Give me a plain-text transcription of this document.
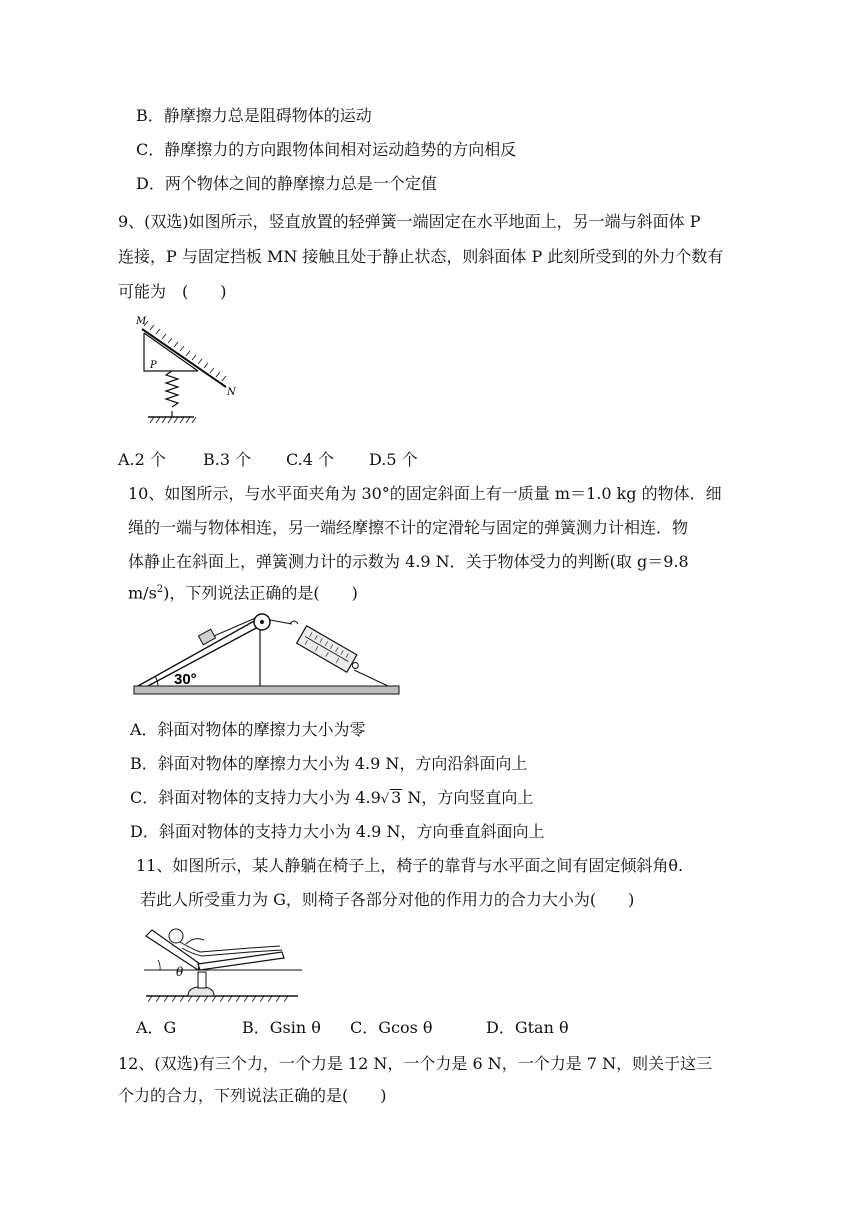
B．静摩擦力总是阻碍物体的运动
C．静摩擦力的方向跟物体间相对运动趋势的方向相反
D．两个物体之间的静摩擦力总是一个定值
9、(双选)如图所示，竖直放置的轻弹簧一端固定在水平地面上，另一端与斜面体 P
连接，P 与固定挡板 MN 接触且处于静止状态，则斜面体 P 此刻所受到的外力个数有
可能为　(　　)
M
P
N
A.2 个 B.3 个 C.4 个 D.5 个
10、如图所示，与水平面夹角为 30°的固定斜面上有一质量 m＝1.0 kg 的物体．细
绳的一端与物体相连，另一端经摩擦不计的定滑轮与固定的弹簧测力计相连．物
体静止在斜面上，弹簧测力计的示数为 4.9 N．关于物体受力的判断(取 g＝9.8
$m/s^2$)，下列说法正确的是(　　)
30°
A．斜面对物体的摩擦力大小为零
B．斜面对物体的摩擦力大小为 4.9 N，方向沿斜面向上
C．斜面对物体的支持力大小为 4.9√ 3 N，方向竖直向上
D．斜面对物体的支持力大小为 4.9 N，方向垂直斜面向上
11、如图所示，某人静躺在椅子上，椅子的靠背与水平面之间有固定倾斜角θ.
若此人所受重力为 G，则椅子各部分对他的作用力的合力大小为(　　)
θ
A．G	B．Gsin θ C．Gcos θ	D．Gtan θ
12、(双选)有三个力，一个力是 12 N，一个力是 6 N，一个力是 7 N，则关于这三
个力的合力，下列说法正确的是(　　)
